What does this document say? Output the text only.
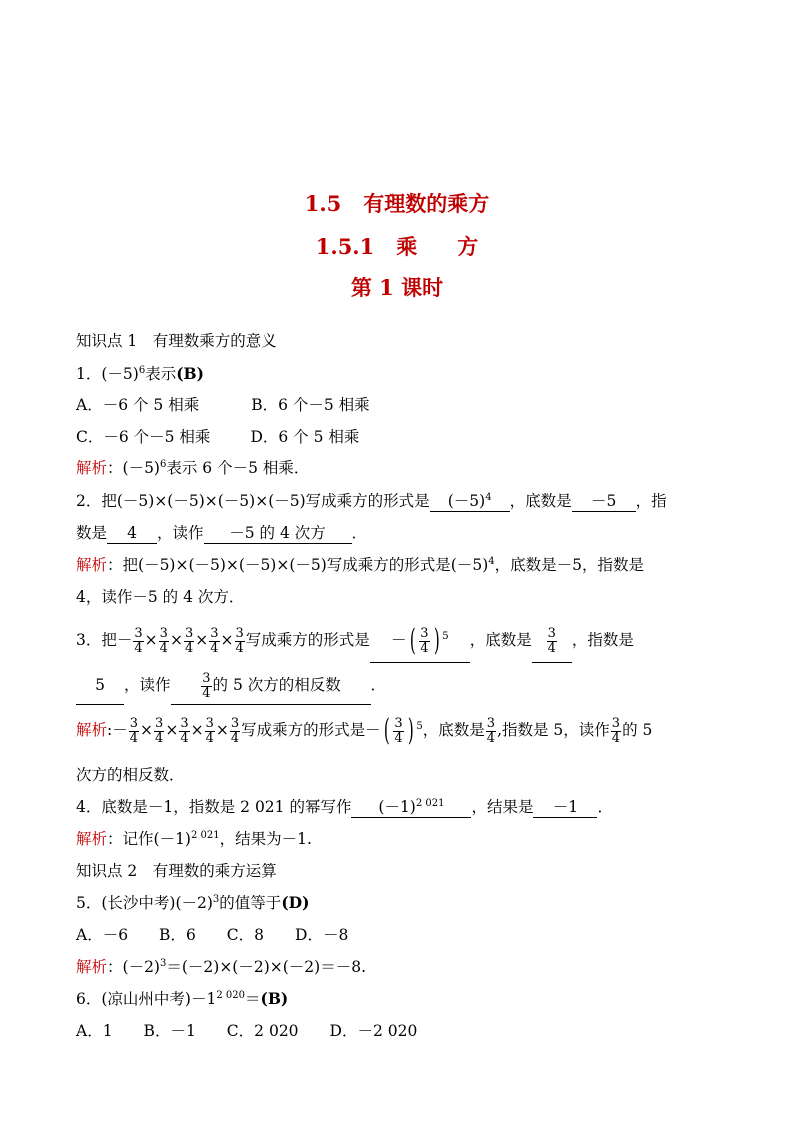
1.5 有理数的乘方
1.5.1 乘 方
第 1 课时
知识点 1　有理数乘方的意义
1．$(-5)^6$表示(B)
A．－6 个 5 相乘	B．6 个－5 相乘
C．－6 个－5 相乘	D．6 个 5 相乘
解析：$(-5)^6$表示 6 个－5 相乘．
2．把(－5)×(－5)×(－5)×(－5)写成乘方的形式是 $(-5)^4$ ，底数是 －5 ，指
数是 4 ，读作 －5 的 4 次方 ．
解析：把(－5)×(－5)×(－5)×(－5)写成乘方的形式是$(-5)^4$，底数是－5，指数是
4，读作－5 的 4 次方．
3．把－ $\frac{3}{4} \times \frac{3}{4} \times \frac{3}{4} \times \frac{3}{4} \times \frac{3}{4}$ 写成乘方的形式是 －( $\frac{3}{4}$ ) $^5$ ，底数是 $\frac{3}{4}$ ，指数是
5 ，读作 $\frac{3}{4}$ 的 5 次方的相反数 ．
解析:－ $\frac{3}{4} \times \frac{3}{4} \times \frac{3}{4} \times \frac{3}{4} \times \frac{3}{4}$ 写成乘方的形式是－( $\frac{3}{4}$ ) $^5$，底数是 $\frac{3}{4}$ ,指数是 5，读作 $\frac{3}{4}$ 的 5
次方的相反数．
4．底数是－1，指数是 2 021 的幂写作 $(-1)^{2 021}$ ，结果是 －1 ．
解析：记作$(-1)^{2 021}$，结果为－1.
知识点 2　有理数的乘方运算
5．(长沙中考)$(-2)^3$的值等于(D)
A．－6　　B．6　　C．8　　D．－8
解析：$(-2)^3=(-2)\times(-2)\times(-2)=-8$.
6．(凉山州中考)$-1^{2 020}=(B)$
A．1　　B．－1　　C．2 020　　D．－2 020
